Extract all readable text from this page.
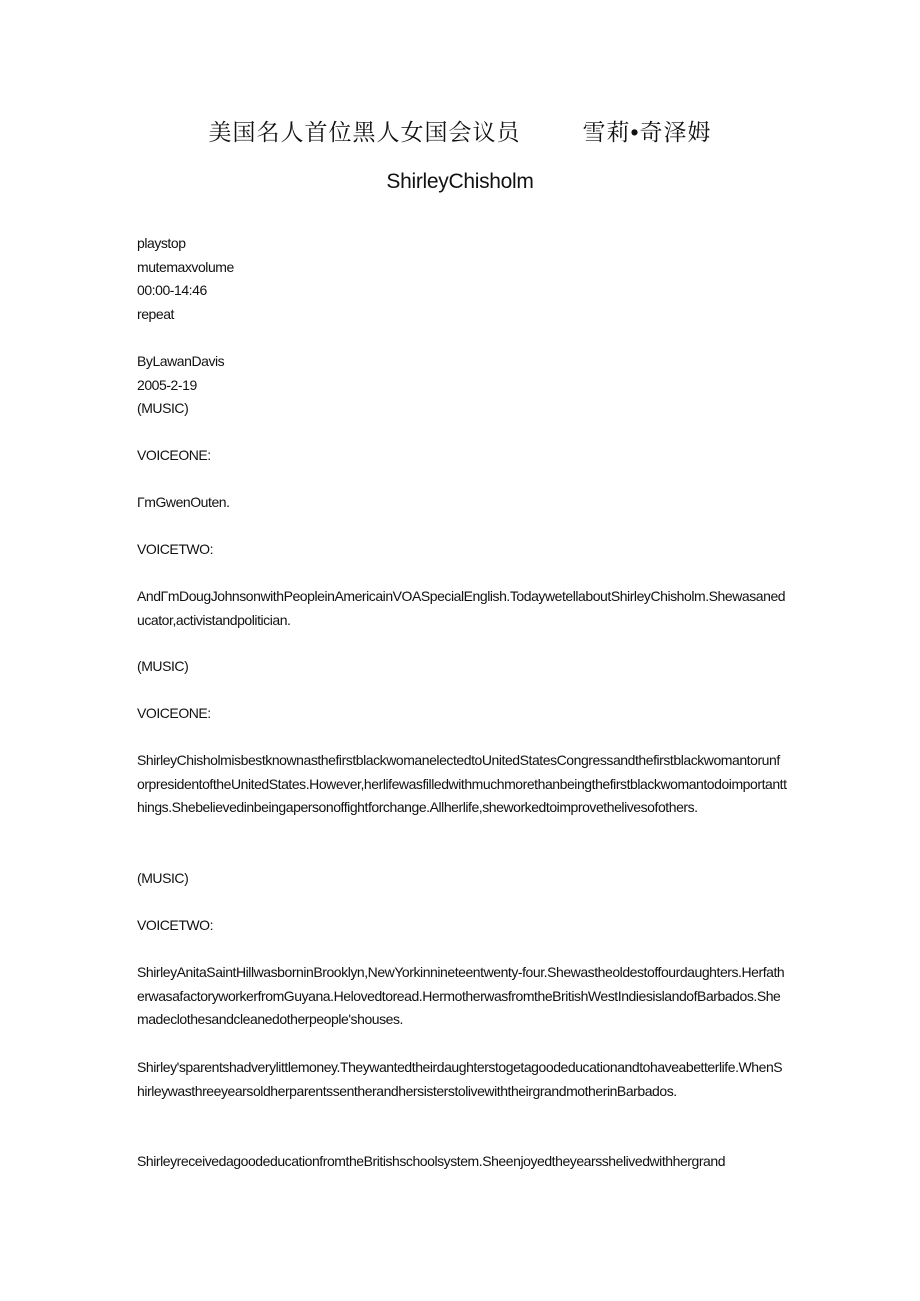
美国名人首位黑人女国会议员	雪莉•奇泽姆
ShirleyChisholm
playstop
mutemaxvolume
00:00-14:46
repeat
ByLawanDavis
2005-2-19
(MUSIC)
VOICEONE:
ΓmGwenOuten.
VOICETWO:
AndΓmDougJohnsonwithPeopleinAmericainVOASpecialEnglish.TodaywetellaboutShirleyChisholm.Shewasaneducator,activistandpolitician.
(MUSIC)
VOICEONE:
ShirleyChisholmisbestknownasthefirstblackwomanelectedtoUnitedStatesCongressandthefirstblackwomantorunforpresidentoftheUnitedStates.However,herlifewasfilledwithmuchmorethanbeingthefirstblackwomantodoimportantthings.Shebelievedinbeingapersonoffightforchange.Allherlife,sheworkedtoimprovethelivesofothers.
(MUSIC)
VOICETWO:
ShirleyAnitaSaintHillwasborninBrooklyn,NewYorkinnineteentwenty-four.Shewastheoldestoffourdaughters.HerfatherwasafactoryworkerfromGuyana.Helovedtoread.HermotherwasfromtheBritishWestIndiesislandofBarbados.Shemadeclothesandcleanedotherpeople'shouses.
Shirley'sparentshadverylittlemoney.Theywantedtheirdaughterstogetagoodeducationandtohaveabetterlife.WhenShirleywasthreeyearsoldherparentssentherandhersisterstolivewiththeirgrandmotherinBarbados.
ShirleyreceivedagoodeducationfromtheBritishschoolsystem.Sheenjoyedtheyearsshelivedwithhergrand
